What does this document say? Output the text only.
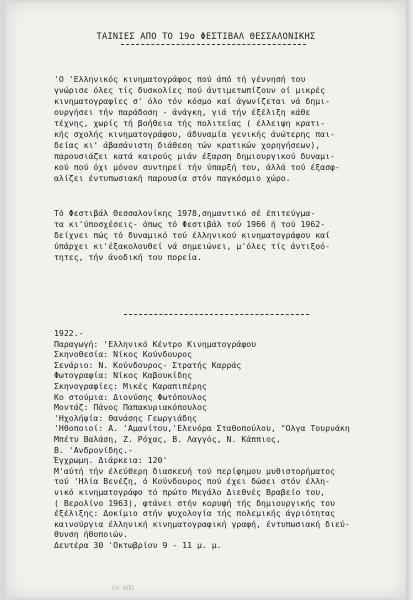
ΤΑΙΝΙΕΣ ΑΠΟ ΤΟ 19ο ΦΕΣΤΙΒΑΛ ΘΕΣΣΑΛΟΝΙΚΗΣ
'Ο 'Ελληνικός κινηματογράφος πού άπό τή γέννησή του
γνώρισε όλες τίς δυσκολίες πού άντιμετωπίζουν οί μικρές
κινηματογραφίες σ' όλο τόν κόσμο καί άγωνίζεται νά δημι-
ουργήσει τήν παράδοση - άνάγκη, γιά τήν έξέλιξη κάθε
τέχνης, χωρίς τή βοήθεια τής πολιτείας ( έλλειψη κρατι-
κής σχολής κινηματογράφου, άδυναμία γενικής άνώτερης παι-
δείας κι' άβασάνιστη διάθεση τών κρατικών χορηγήσεων),
παρουσιάζει κατά καιρούς μιάν έξαρση δημιουργικού δυναμι-
κού πού όχι μόνον συντηρεί τήν ύπαρξή του, άλλά τού έξασφ-
αλίζει έντυπωσιακή παρουσία στόν παγκόσμιο χώρο.
Τό Φεστιβάλ Θεσσαλονίκης 1978,σημαντικό σέ έπιτεύγμα-
τα κι'ύποσχέσεις- όπως τό Φεστιβάλ τού 1966 ή τού 1962-
δείχνει πώς τό δυναμικό τού έλληνικού κινηματογράφου καί
ύπάρχει κι'έξακολουθεί νά σημειώνει, μ'όλες τίς άντιξοό-
τητες, τήν άνοδική του πορεία.
1922.-
Παραγωγή: 'Ελληνικό Κέντρο Κινηματογράφου
Σκηνοθεσία: Νίκος Κούνδουρος
Σενάριο: Ν. Κούνδουρος- Στρατής Καρράς
Φωτογραφία: Νίκος Καβουκίδης
Σκηνογραφίες: Μικές Καραπιπέρης
Κο στούμια: Διονύσης Φωτόπουλος
Μοντάζ: Πάνος Παπακυριακόπουλος
'Ηχολήψία: Θανάσης Γεωργιάδης
'Ηθοποιοί: Α. 'Αμανίτου,'Ελενόρα Σταθοπούλου, "Ολγα Τουρνάκη
Μπέτυ Βαλάση, Ζ. Ρόχας, Β. Λαγγός, Ν. Κάππιος,
Β. 'Ανδρονίδης.-
Έγχρωμη. Διάρκεια: 120'
Μ'αύτή τήν έλεύθερη διασκευή τού περίφημου μυθιστορήματος
τού 'Ηλία Βενέζη, ό Κούνδουρος πού έχει δώσει στόν έλλη-
νικό κινηματογράφο τό πρώτο Μεγάλο Διεθνές Βραβείο του,
( Βερολίνο 1963), φτάνει στήν κορυφή τής δημιουργικής του
έξέλιξης: Δοκίμιο στήν ψυχολογία τής πολεμικής άγριότητας
καινούργια έλληνική κινηματογραφική γραφή, έντυπωσιακή διεύ-
θυνση ήθοποιών.
Δευτέρα 30 'Οκτωβρίου 9 - 11 μ. μ.
ΕΛ ΑΠΠ
